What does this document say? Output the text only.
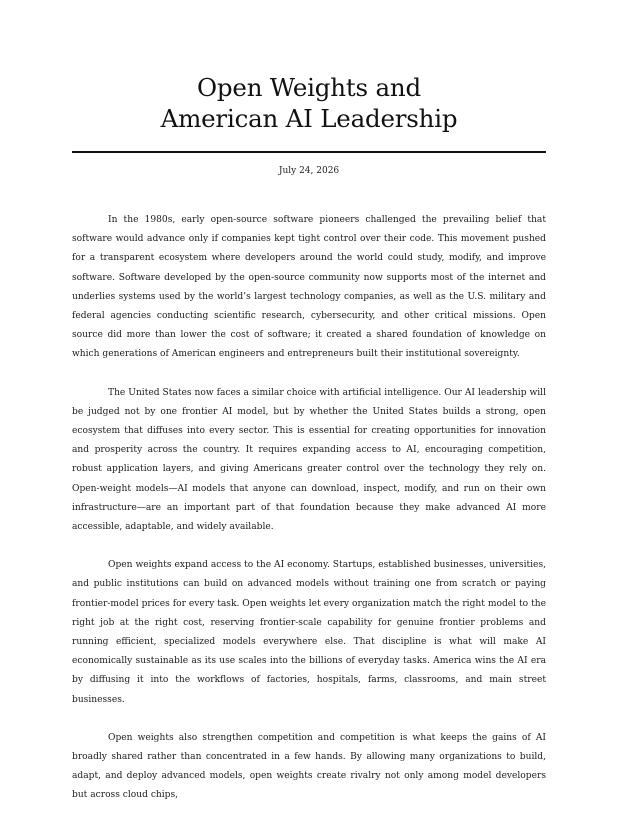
Open Weights and
American AI Leadership
July 24, 2026

In the 1980s, early open-source software pioneers challenged the prevailing belief that software would advance only if companies kept tight control over their code. This movement pushed for a transparent ecosystem where developers around the world could study, modify, and improve software. Software developed by the open-source community now supports most of the internet and underlies systems used by the world’s largest technology companies, as well as the U.S. military and federal agencies conducting scientific research, cybersecurity, and other critical missions. Open source did more than lower the cost of software; it created a shared foundation of knowledge on which generations of American engineers and entrepreneurs built their institutional sovereignty.

The United States now faces a similar choice with artificial intelligence. Our AI leadership will be judged not by one frontier AI model, but by whether the United States builds a strong, open ecosystem that diffuses into every sector. This is essential for creating opportunities for innovation and prosperity across the country. It requires expanding access to AI, encouraging competition, robust application layers, and giving Americans greater control over the technology they rely on. Open-weight models—AI models that anyone can download, inspect, modify, and run on their own infrastructure—are an important part of that foundation because they make advanced AI more accessible, adaptable, and widely available.

Open weights expand access to the AI economy. Startups, established businesses, universities, and public institutions can build on advanced models without training one from scratch or paying frontier-model prices for every task. Open weights let every organization match the right model to the right job at the right cost, reserving frontier-scale capability for genuine frontier problems and running efficient, specialized models everywhere else. That discipline is what will make AI economically sustainable as its use scales into the billions of everyday tasks. America wins the AI era by diffusing it into the workflows of factories, hospitals, farms, classrooms, and main street businesses.

Open weights also strengthen competition and competition is what keeps the gains of AI broadly shared rather than concentrated in a few hands. By allowing many organizations to build, adapt, and deploy advanced models, open weights create rivalry not only among model developers but across cloud chips,
